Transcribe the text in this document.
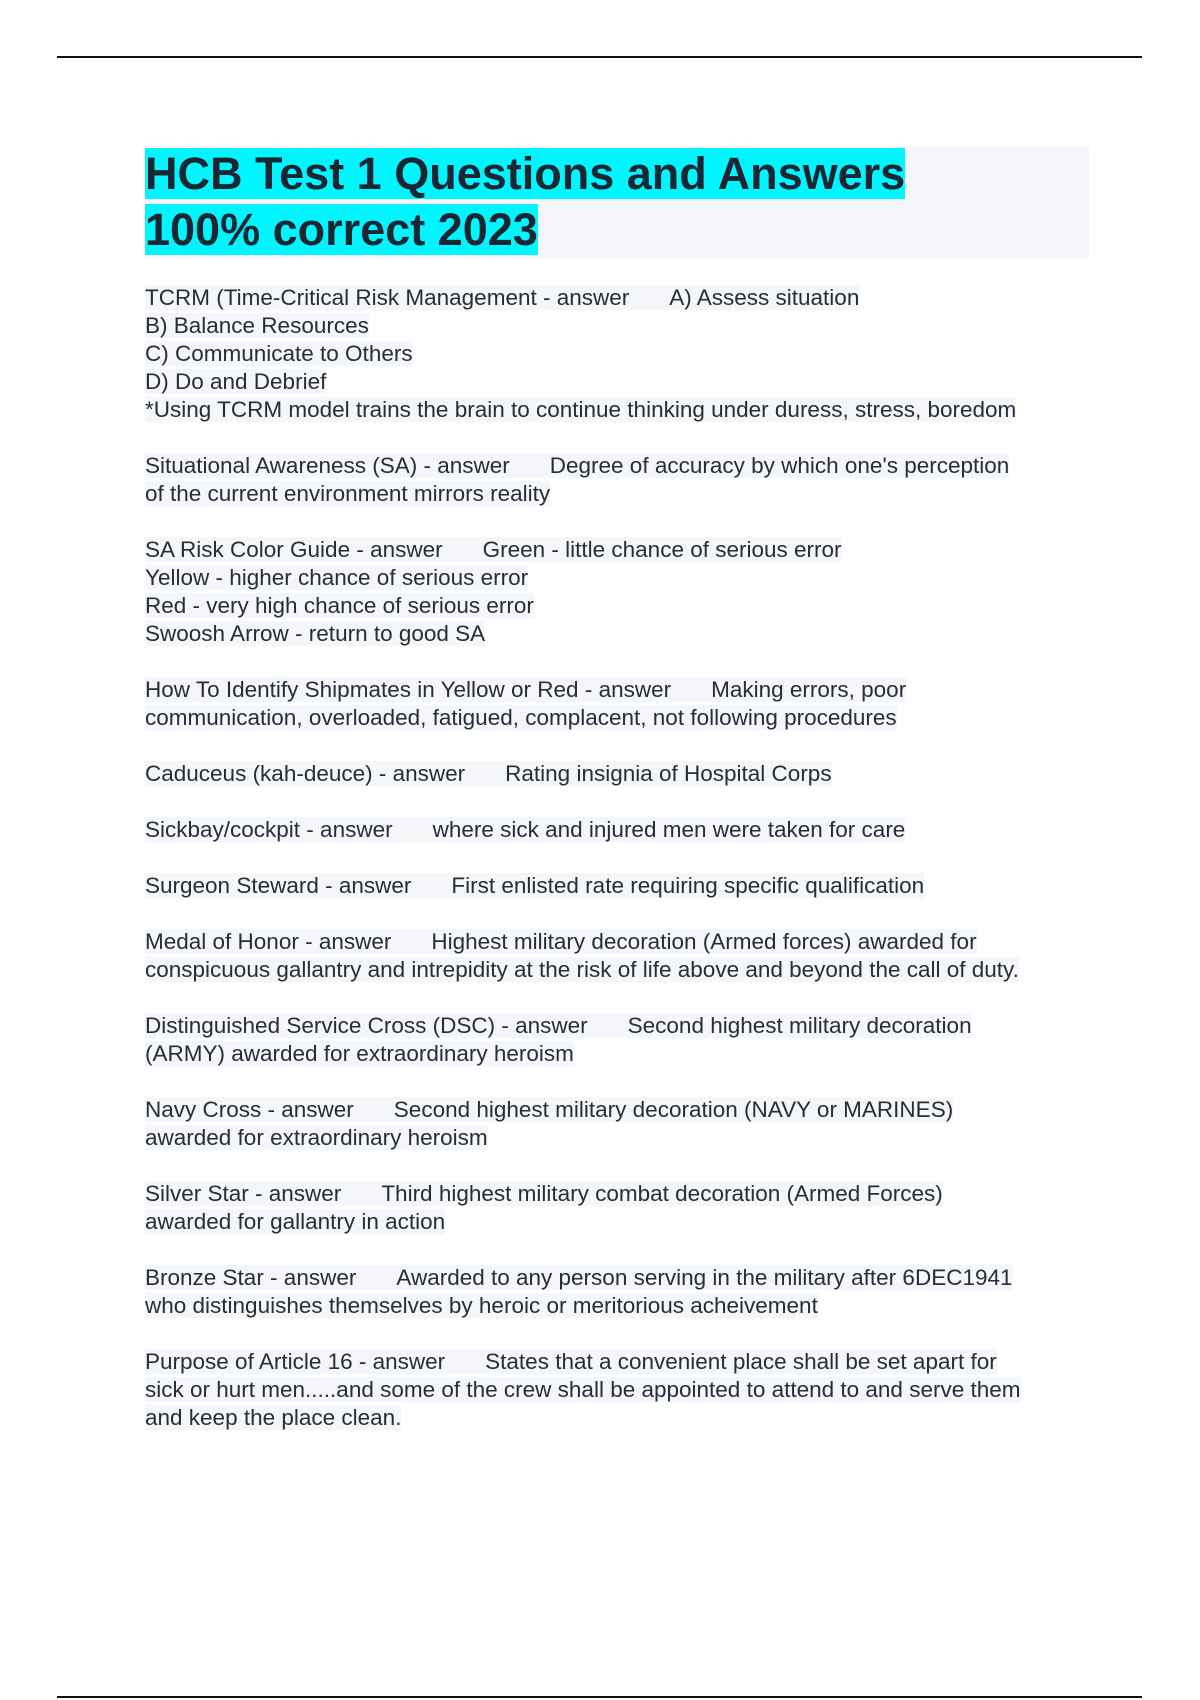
HCB Test 1 Questions and Answers
100% correct 2023
TCRM (Time-Critical Risk Management - answer A) Assess situation
B) Balance Resources
C) Communicate to Others
D) Do and Debrief
*Using TCRM model trains the brain to continue thinking under duress, stress, boredom
Situational Awareness (SA) - answer Degree of accuracy by which one's perception
of the current environment mirrors reality
SA Risk Color Guide - answer Green - little chance of serious error
Yellow - higher chance of serious error
Red - very high chance of serious error
Swoosh Arrow - return to good SA
How To Identify Shipmates in Yellow or Red - answer Making errors, poor
communication, overloaded, fatigued, complacent, not following procedures
Caduceus (kah-deuce) - answer Rating insignia of Hospital Corps
Sickbay/cockpit - answer where sick and injured men were taken for care
Surgeon Steward - answer First enlisted rate requiring specific qualification
Medal of Honor - answer Highest military decoration (Armed forces) awarded for
conspicuous gallantry and intrepidity at the risk of life above and beyond the call of duty.
Distinguished Service Cross (DSC) - answer Second highest military decoration
(ARMY) awarded for extraordinary heroism
Navy Cross - answer Second highest military decoration (NAVY or MARINES)
awarded for extraordinary heroism
Silver Star - answer Third highest military combat decoration (Armed Forces)
awarded for gallantry in action
Bronze Star - answer Awarded to any person serving in the military after 6DEC1941
who distinguishes themselves by heroic or meritorious acheivement
Purpose of Article 16 - answer States that a convenient place shall be set apart for
sick or hurt men.....and some of the crew shall be appointed to attend to and serve them
and keep the place clean.
